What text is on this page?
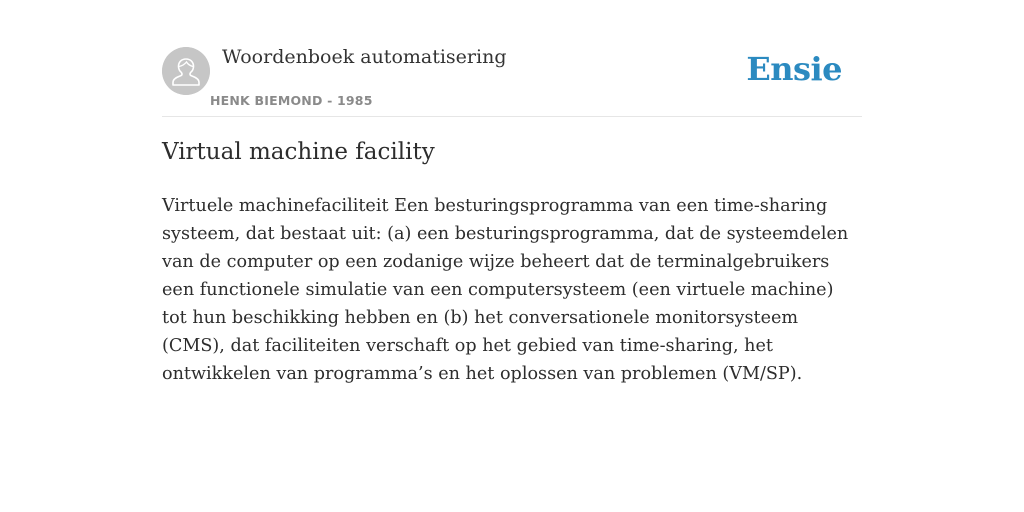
Woordenboek automatisering
HENK BIEMOND - 1985
Ensie
Virtual machine facility

Virtuele machinefaciliteit Een besturingsprogramma van een time-sharing systeem, dat bestaat uit: (a) een besturingsprogramma, dat de systeemdelen van de computer op een zodanige wijze beheert dat de terminalgebruikers een functionele simulatie van een computersysteem (een virtuele machine) tot hun beschikking hebben en (b) het conversationele monitorsysteem (CMS), dat faciliteiten verschaft op het gebied van time-sharing, het ontwikkelen van programma’s en het oplossen van problemen (VM/SP).
